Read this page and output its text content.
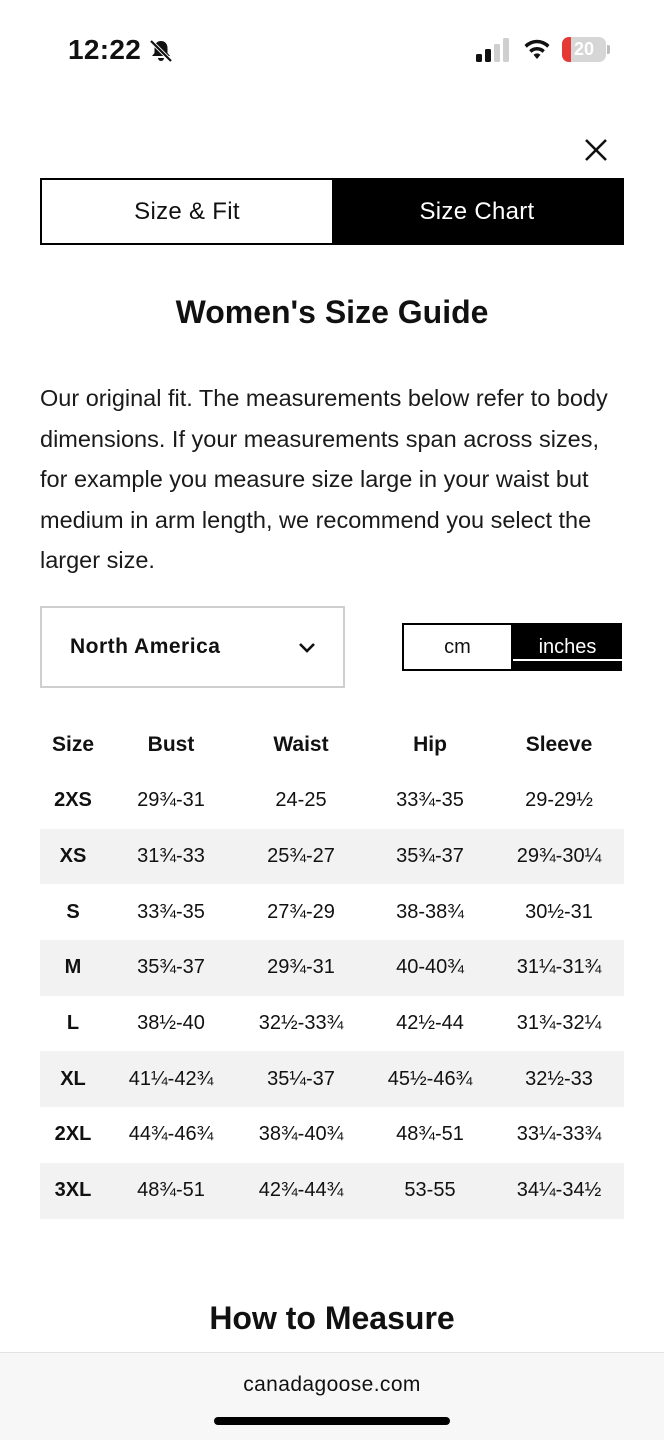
12:22	20
Size & Fit	Size Chart
Women's Size Guide

Our original fit. The measurements below refer to body dimensions. If your measurements span across sizes, for example you measure size large in your waist but medium in arm length, we recommend you select the larger size.

North America	cm	inches
Size	Bust	Waist	Hip	Sleeve
2XS	29¾-31	24-25	33¾-35	29-29½
XS	31¾-33	25¾-27	35¾-37	29¾-30¼
S	33¾-35	27¾-29	38-38¾	30½-31
M	35¾-37	29¾-31	40-40¾	31¼-31¾
L	38½-40	32½-33¾	42½-44	31¾-32¼
XL	41¼-42¾	35¼-37	45½-46¾	32½-33
2XL	44¾-46¾	38¾-40¾	48¾-51	33¼-33¾
3XL	48¾-51	42¾-44¾	53-55	34¼-34½
How to Measure
canadagoose.com
